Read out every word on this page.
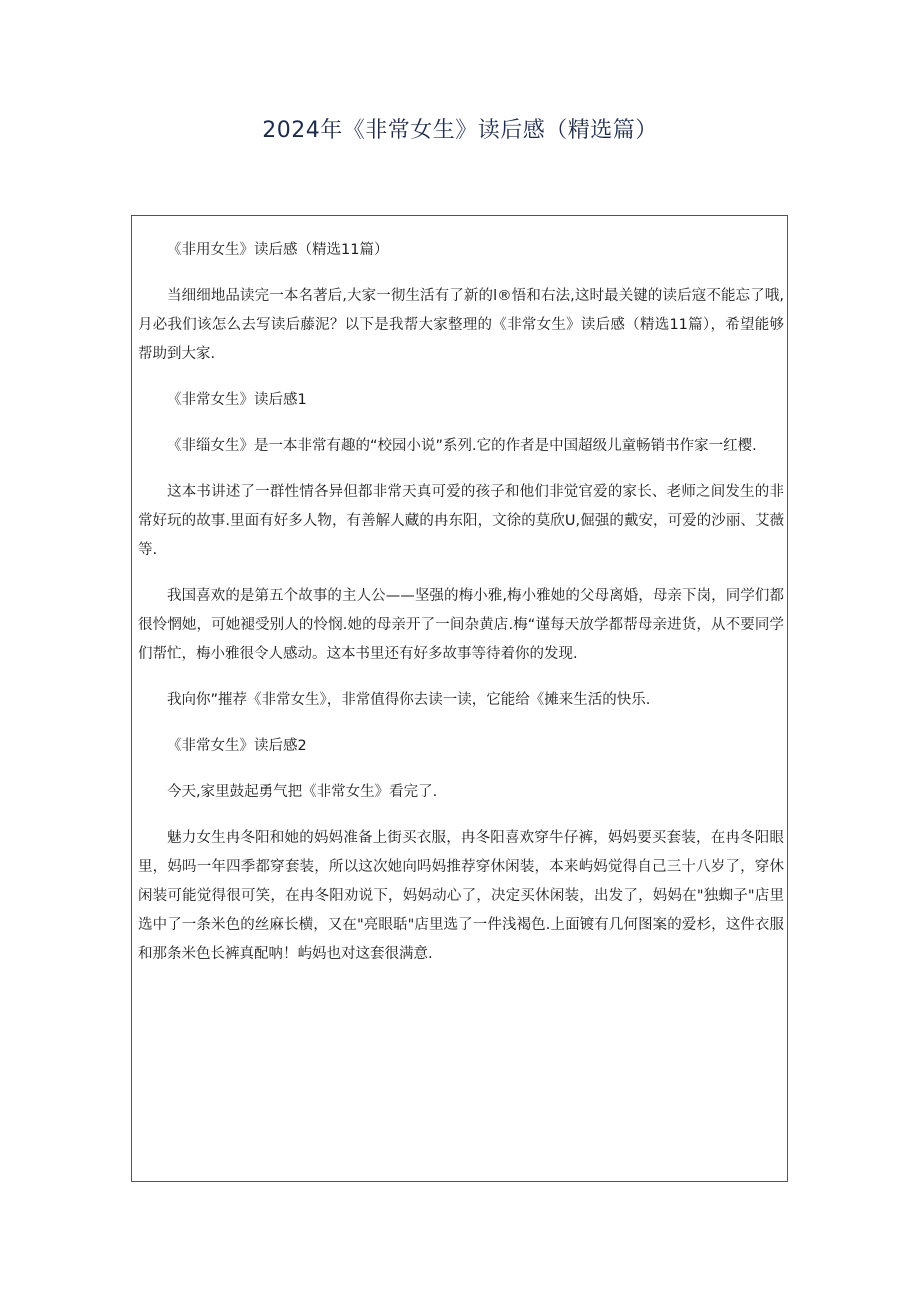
2024年《非常女生》读后感（精选篇）

《非用女生》读后感（精选11篇）

当细细地品读完一本名著后,大家一彻生活有了新的l®悟和右法,这时最关键的读后寇不能忘了哦,月必我们该怎么去写读后藤泥？以下是我帮大家整理的《非常女生》读后感（精选11篇），希望能够帮助到大家.

《非常女生》读后感1

《非缁女生》是一本非常有趣的“校园小说”系列.它的作者是中国超级儿童畅销书作家一红樱.

这本书讲述了一群性情各异但都非常天真可爱的孩子和他们非觉官爱的家长、老师之间发生的非常好玩的故事.里面有好多人物，有善解人藏的冉东阳，文徐的莫欣U,倔强的戴安，可爱的沙丽、艾薇等.

我国喜欢的是第五个故事的主人公——坚强的梅小雅,梅小雅她的父母离婚，母亲下岗，同学们都很怜惘她，可她褪受别人的怜悯.她的母亲开了一间杂黄店.梅“谨每天放学都帮母亲进货，从不要同学们帮忙，梅小雅很令人感动。这本书里还有好多故事等待着你的发现.

我向你”摧荐《非常女生》，非常值得你去读一读，它能给《摊来生活的快乐.

《非常女生》读后感2

今天,家里鼓起勇气把《非常女生》看完了.

魅力女生冉冬阳和她的妈妈准备上街买衣服，冉冬阳喜欢穿牛仔裤，妈妈要买套装，在冉冬阳眼里，妈吗一年四季都穿套装，所以这次她向吗妈推荐穿休闲装，本来屿妈觉得自己三十八岁了，穿休闲装可能觉得很可笑，在冉冬阳劝说下，妈妈动心了，决定买休闲装，出发了，妈妈在"独蜘子"店里选中了一条米色的丝麻长横，又在"亮眼聒"店里选了一件浅褐色.上面镀有几何图案的爱杉，这件衣服和那条米色长裤真配呐！屿妈也对这套很满意.
